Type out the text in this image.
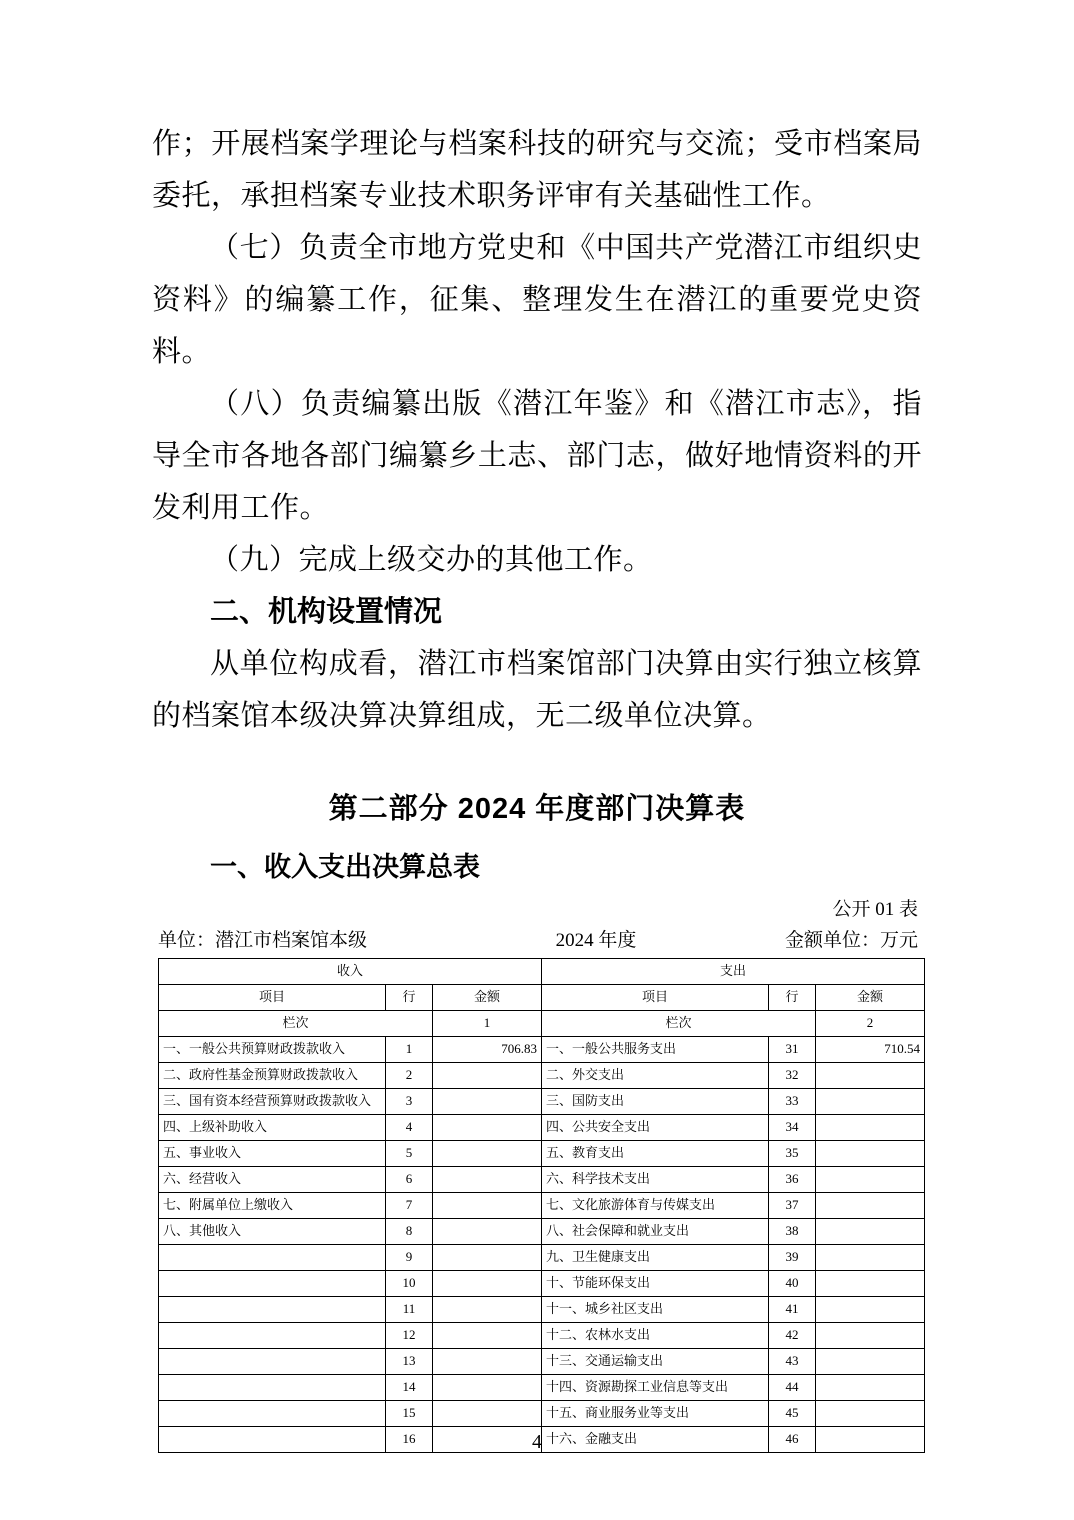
作；开展档案学理论与档案科技的研究与交流；受市档案局委托，承担档案专业技术职务评审有关基础性工作。

（七）负责全市地方党史和《中国共产党潜江市组织史资料》的编纂工作，征集、整理发生在潜江的重要党史资料。

（八）负责编纂出版《潜江年鉴》和《潜江市志》，指导全市各地各部门编纂乡土志、部门志，做好地情资料的开发利用工作。

（九）完成上级交办的其他工作。

二、机构设置情况

从单位构成看，潜江市档案馆部门决算由实行独立核算的档案馆本级决算决算组成，无二级单位决算。

第二部分 2024 年度部门决算表

一、收入支出决算总表

公开 01 表
单位：潜江市档案馆本级	2024 年度	金额单位：万元
收入			支出		
项目	行	金额	项目	行	金额
栏次		1	栏次		2
一、一般公共预算财政拨款收入	1	706.83	一、一般公共服务支出	31	710.54
二、政府性基金预算财政拨款收入	2		二、外交支出	32	
三、国有资本经营预算财政拨款收入	3		三、国防支出	33	
四、上级补助收入	4		四、公共安全支出	34	
五、事业收入	5		五、教育支出	35	
六、经营收入	6		六、科学技术支出	36	
七、附属单位上缴收入	7		七、文化旅游体育与传媒支出	37	
八、其他收入	8		八、社会保障和就业支出	38	
	9		九、卫生健康支出	39	
	10		十、节能环保支出	40	
	11		十一、城乡社区支出	41	
	12		十二、农林水支出	42	
	13		十三、交通运输支出	43	
	14		十四、资源勘探工业信息等支出	44	
	15		十五、商业服务业等支出	45	
	16		十六、金融支出	46	
4
